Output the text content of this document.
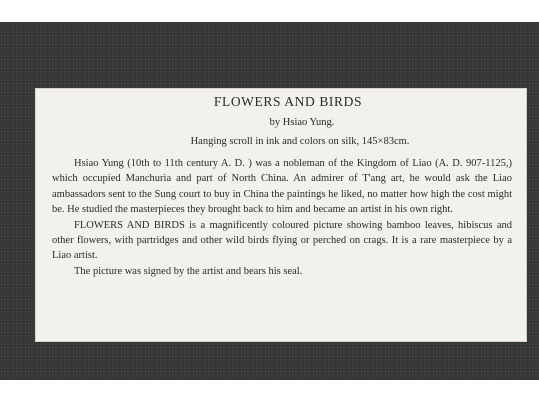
FLOWERS AND BIRDS
by Hsiao Yung.
Hanging scroll in ink and colors on silk, 145×83cm.

Hsiao Yung (10th to 11th century A. D. ) was a nobleman of the Kingdom of Liao (A. D. 907-1125,) which occupied Manchuria and part of North China. An admirer of T'ang art, he would ask the Liao ambassadors sent to the Sung court to buy in China the paintings he liked, no matter how high the cost might be. He studied the masterpieces they brought back to him and became an artist in his own right.

FLOWERS AND BIRDS is a magnificently coloured picture showing bamboo leaves, hibiscus and other flowers, with partridges and other wild birds flying or perched on crags. It is a rare masterpiece by a Liao artist.

The picture was signed by the artist and bears his seal.
